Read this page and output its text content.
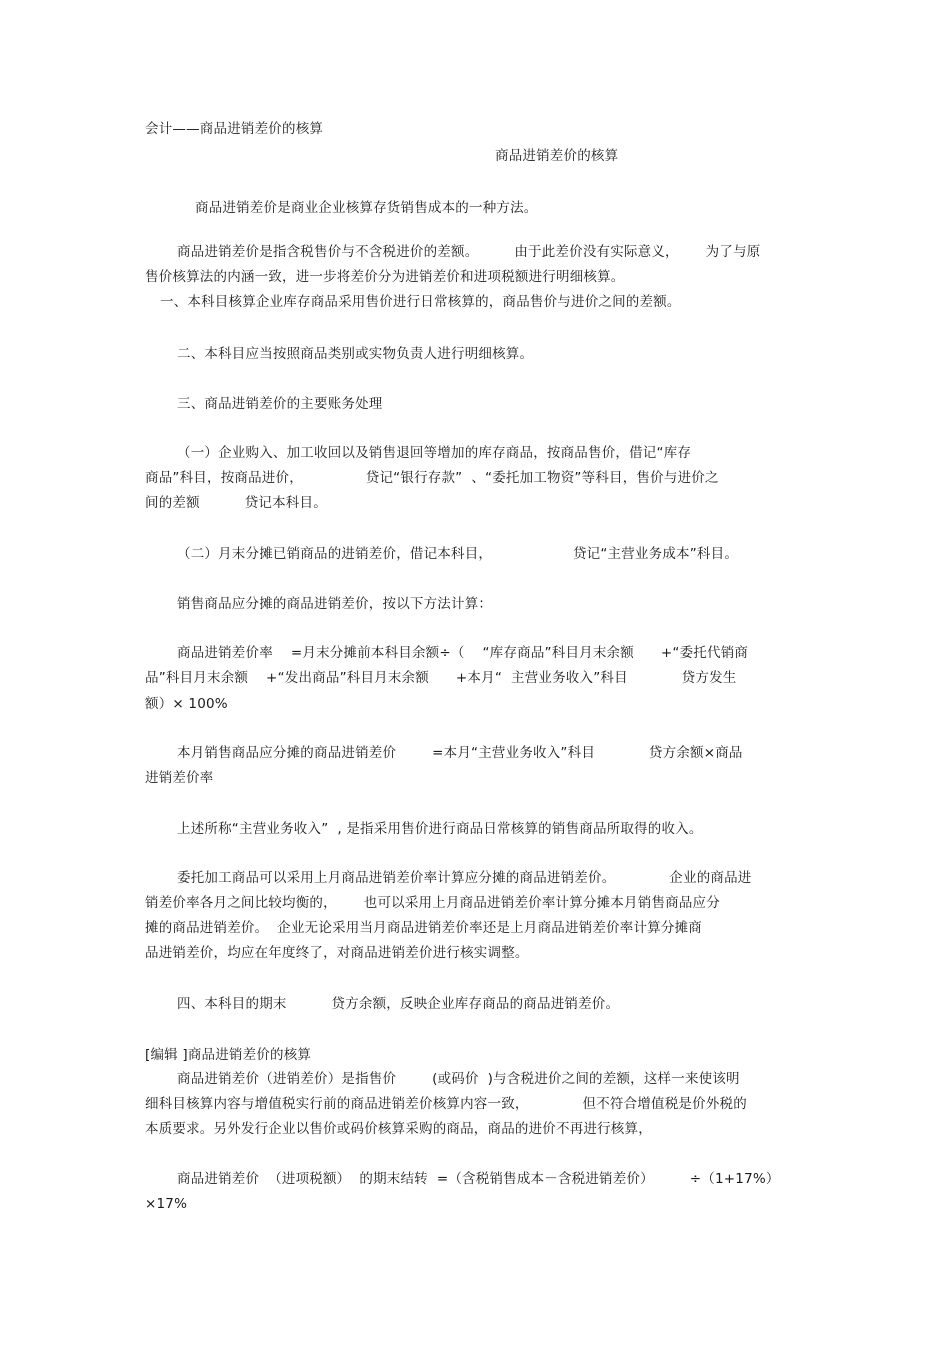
会计——商品进销差价的核算
商品进销差价的核算
商品进销差价是商业企业核算存货销售成本的一种方法。
商品进销差价是指含税售价与不含税进价的差额。        由于此差价没有实际意义，      为了与原
售价核算法的内涵一致，进一步将差价分为进销差价和进项税额进行明细核算。
一、本科目核算企业库存商品采用售价进行日常核算的，商品售价与进价之间的差额。
二、本科目应当按照商品类别或实物负责人进行明细核算。
三、商品进销差价的主要账务处理
（一）企业购入、加工收回以及销售退回等增加的库存商品，按商品售价，借记“库存
商品”科目，按商品进价，              贷记“银行存款”  、“委托加工物资”等科目，售价与进价之
间的差额          贷记本科目。
（二）月末分摊已销商品的进销差价，借记本科目，                  贷记“主营业务成本”科目。
销售商品应分摊的商品进销差价，按以下方法计算：
商品进销差价率    =月末分摊前本科目余额÷（    “库存商品”科目月末余额      +“委托代销商
品”科目月末余额    +“发出商品”科目月末余额      +本月“  主营业务收入”科目            贷方发生
额）× 100%
本月销售商品应分摊的商品进销差价        =本月“主营业务收入”科目            贷方余额×商品
进销差价率
上述所称“主营业务收入”  , 是指采用售价进行商品日常核算的销售商品所取得的收入。
委托加工商品可以采用上月商品进销差价率计算应分摊的商品进销差价。            企业的商品进
销差价率各月之间比较均衡的，      也可以采用上月商品进销差价率计算分摊本月销售商品应分
摊的商品进销差价。  企业无论采用当月商品进销差价率还是上月商品进销差价率计算分摊商
品进销差价，均应在年度终了，对商品进销差价进行核实调整。
四、本科目的期末          贷方余额，反映企业库存商品的商品进销差价。
[编辑 ]商品进销差价的核算
商品进销差价（进销差价）是指售价        (或码价  )与含税进价之间的差额，这样一来使该明
细科目核算内容与增值税实行前的商品进销差价核算内容一致，            但不符合增值税是价外税的
本质要求。另外发行企业以售价或码价核算采购的商品，商品的进价不再进行核算，
商品进销差价  （进项税额）  的期末结转  =（含税销售成本－含税进销差价）        ÷（1+17%）
×17%
